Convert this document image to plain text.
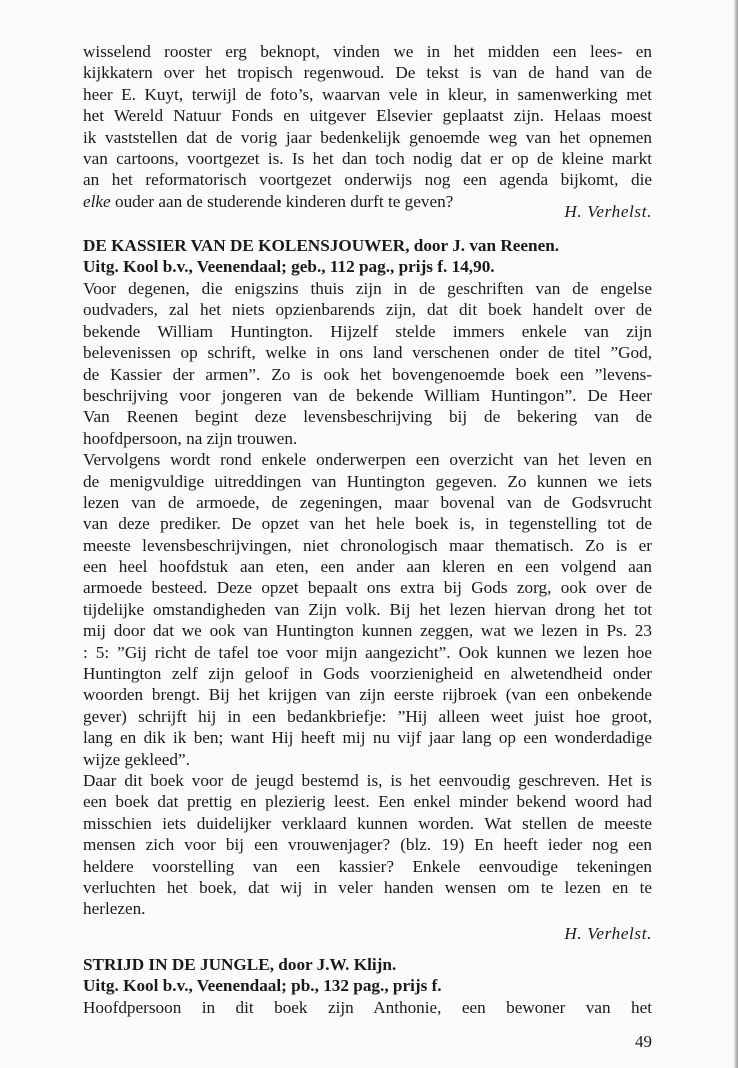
wisselend rooster erg beknopt, vinden we in het midden een lees- en
kijkkatern over het tropisch regenwoud. De tekst is van de hand van de
heer E. Kuyt, terwijl de foto’s, waarvan vele in kleur, in samenwerking met
het Wereld Natuur Fonds en uitgever Elsevier geplaatst zijn. Helaas moest
ik vaststellen dat de vorig jaar bedenkelijk genoemde weg van het opnemen
van cartoons, voortgezet is. Is het dan toch nodig dat er op de kleine markt
an het reformatorisch voortgezet onderwijs nog een agenda bijkomt, die
elke ouder aan de studerende kinderen durft te geven?
H. Verhelst.
DE KASSIER VAN DE KOLENSJOUWER, door J. van Reenen.
Uitg. Kool b.v., Veenendaal; geb., 112 pag., prijs f. 14,90.
Voor degenen, die enigszins thuis zijn in de geschriften van de engelse
oudvaders, zal het niets opzienbarends zijn, dat dit boek handelt over de
bekende William Huntington. Hijzelf stelde immers enkele van zijn
belevenissen op schrift, welke in ons land verschenen onder de titel ”God,
de Kassier der armen”. Zo is ook het bovengenoemde boek een ”levens-
beschrijving voor jongeren van de bekende William Huntingon”. De Heer
Van Reenen begint deze levensbeschrijving bij de bekering van de
hoofdpersoon, na zijn trouwen.
Vervolgens wordt rond enkele onderwerpen een overzicht van het leven en
de menigvuldige uitreddingen van Huntington gegeven. Zo kunnen we iets
lezen van de armoede, de zegeningen, maar bovenal van de Godsvrucht
van deze prediker. De opzet van het hele boek is, in tegenstelling tot de
meeste levensbeschrijvingen, niet chronologisch maar thematisch. Zo is er
een heel hoofdstuk aan eten, een ander aan kleren en een volgend aan
armoede besteed. Deze opzet bepaalt ons extra bij Gods zorg, ook over de
tijdelijke omstandigheden van Zijn volk. Bij het lezen hiervan drong het tot
mij door dat we ook van Huntington kunnen zeggen, wat we lezen in Ps. 23
: 5: ”Gij richt de tafel toe voor mijn aangezicht”. Ook kunnen we lezen hoe
Huntington zelf zijn geloof in Gods voorzienigheid en alwetendheid onder
woorden brengt. Bij het krijgen van zijn eerste rijbroek (van een onbekende
gever) schrijft hij in een bedankbriefje: ”Hij alleen weet juist hoe groot,
lang en dik ik ben; want Hij heeft mij nu vijf jaar lang op een wonderdadige
wijze gekleed”.
Daar dit boek voor de jeugd bestemd is, is het eenvoudig geschreven. Het is
een boek dat prettig en plezierig leest. Een enkel minder bekend woord had
misschien iets duidelijker verklaard kunnen worden. Wat stellen de meeste
mensen zich voor bij een vrouwenjager? (blz. 19) En heeft ieder nog een
heldere voorstelling van een kassier? Enkele eenvoudige tekeningen
verluchten het boek, dat wij in veler handen wensen om te lezen en te
herlezen.
H. Verhelst.
STRIJD IN DE JUNGLE, door J.W. Klijn.
Uitg. Kool b.v., Veenendaal; pb., 132 pag., prijs f.
Hoofdpersoon in dit boek zijn Anthonie, een bewoner van het
49
